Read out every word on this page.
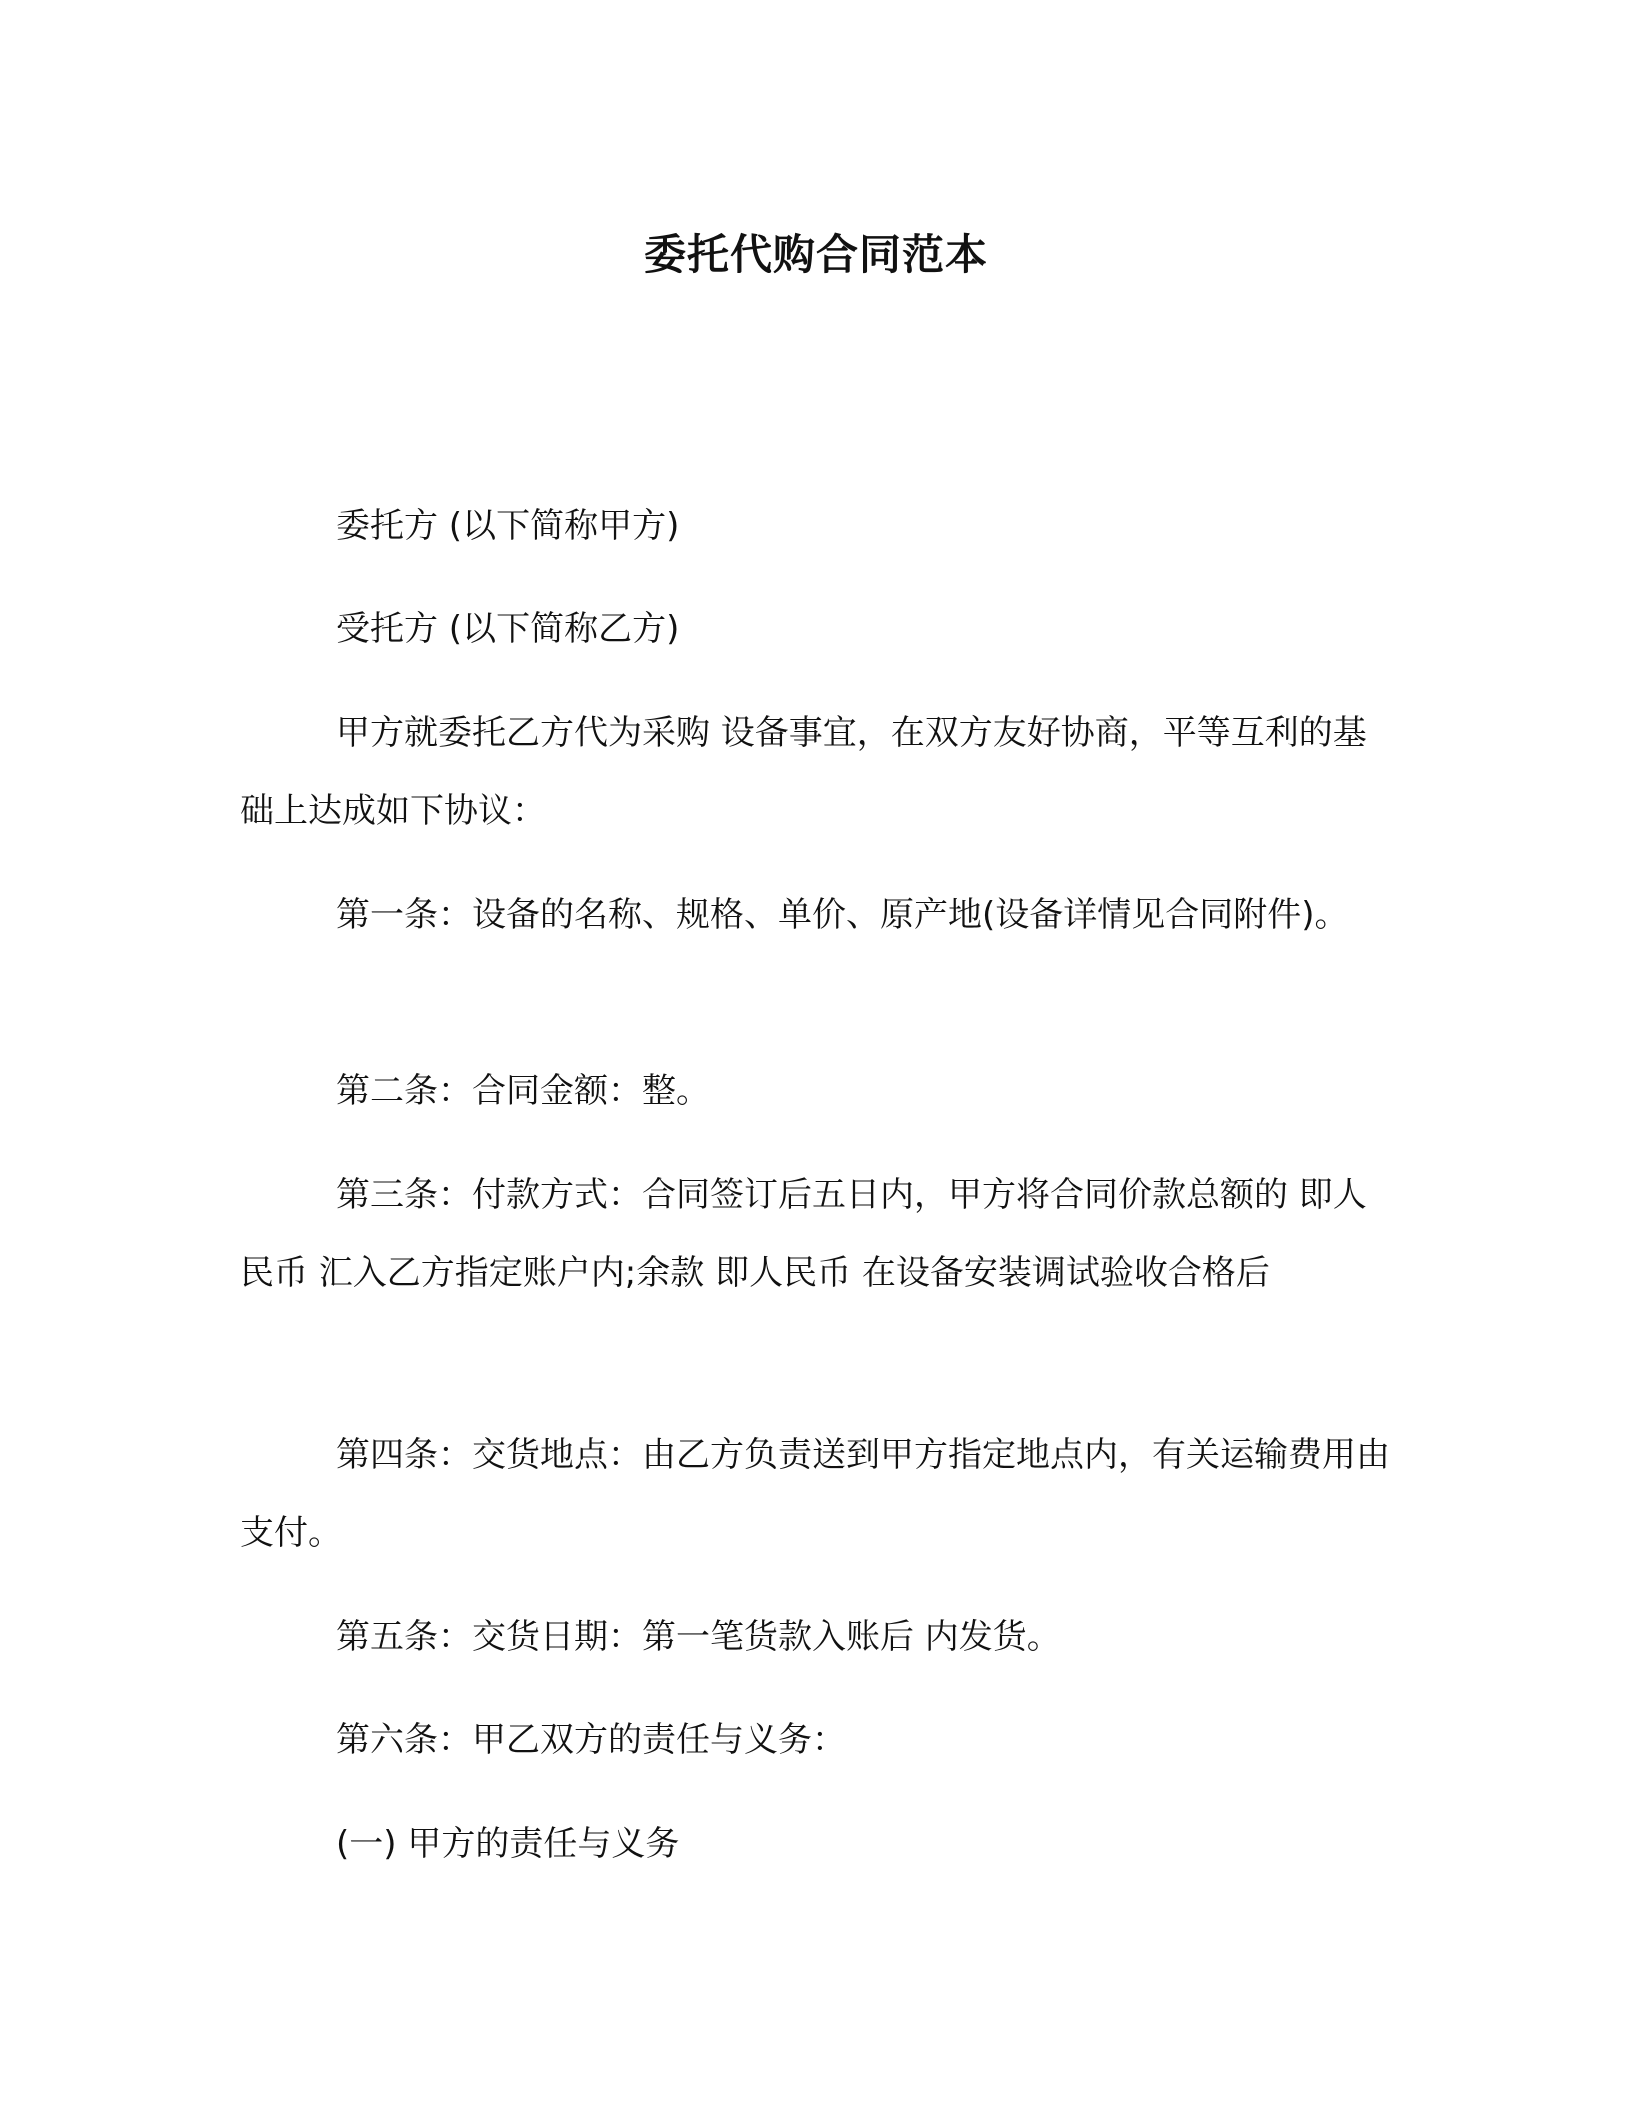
委托代购合同范本

委托方 (以下简称甲方)

受托方 (以下简称乙方)

甲方就委托乙方代为采购 设备事宜，在双方友好协商，平等互利的基础上达成如下协议：

第一条：设备的名称、规格、单价、原产地(设备详情见合同附件)。

第二条：合同金额：整。

第三条：付款方式：合同签订后五日内，甲方将合同价款总额的 即人民币 汇入乙方指定账户内;余款 即人民币 在设备安装调试验收合格后

第四条：交货地点：由乙方负责送到甲方指定地点内，有关运输费用由 支付。

第五条：交货日期：第一笔货款入账后 内发货。

第六条：甲乙双方的责任与义务：

(一) 甲方的责任与义务
